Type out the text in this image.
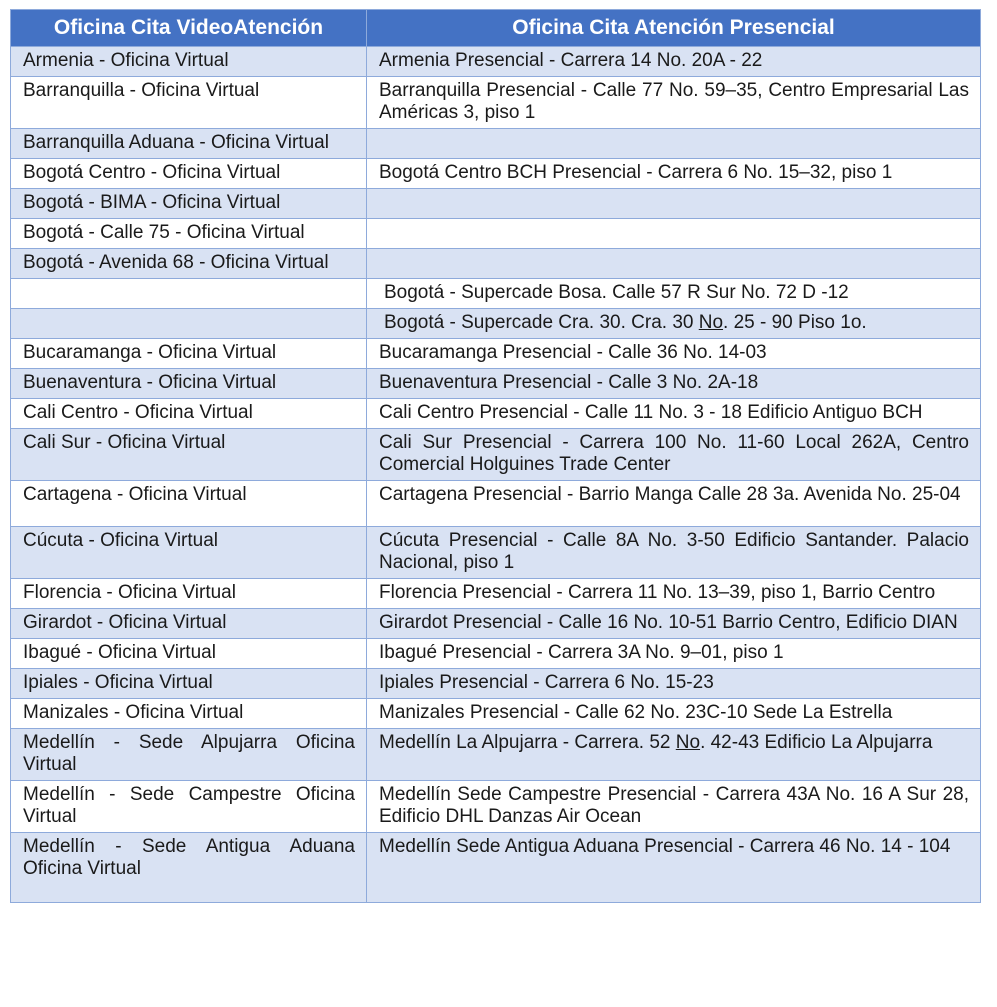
Oficina Cita VideoAtención	Oficina Cita Atención Presencial
Armenia - Oficina Virtual	Armenia Presencial - Carrera 14 No. 20A - 22
Barranquilla - Oficina Virtual	Barranquilla Presencial - Calle 77 No. 59–35, Centro Empresarial Las Américas 3, piso 1
Barranquilla Aduana - Oficina Virtual	
Bogotá Centro - Oficina Virtual	Bogotá Centro BCH Presencial - Carrera 6 No. 15–32, piso 1
Bogotá - BIMA - Oficina Virtual	
Bogotá - Calle 75 - Oficina Virtual	
Bogotá - Avenida 68 - Oficina Virtual	
	Bogotá - Supercade Bosa. Calle 57 R Sur No. 72 D -12
	Bogotá - Supercade Cra. 30. Cra. 30 No. 25 - 90 Piso 1o.
Bucaramanga - Oficina Virtual	Bucaramanga Presencial - Calle 36 No. 14-03
Buenaventura - Oficina Virtual	Buenaventura Presencial - Calle 3 No. 2A-18
Cali Centro - Oficina Virtual	Cali Centro Presencial - Calle 11 No. 3 - 18 Edificio Antiguo BCH
Cali Sur - Oficina Virtual	Cali Sur Presencial - Carrera 100 No. 11-60 Local 262A, Centro Comercial Holguines Trade Center
Cartagena - Oficina Virtual	Cartagena Presencial - Barrio Manga Calle 28 3a. Avenida No. 25-04
Cúcuta - Oficina Virtual	Cúcuta Presencial - Calle 8A No. 3-50 Edificio Santander. Palacio Nacional, piso 1
Florencia - Oficina Virtual	Florencia Presencial - Carrera 11 No. 13–39, piso 1, Barrio Centro
Girardot - Oficina Virtual	Girardot Presencial - Calle 16 No. 10-51 Barrio Centro, Edificio DIAN
Ibagué - Oficina Virtual	Ibagué Presencial - Carrera 3A No. 9–01, piso 1
Ipiales - Oficina Virtual	Ipiales Presencial - Carrera 6 No. 15-23
Manizales - Oficina Virtual	Manizales Presencial - Calle 62 No. 23C-10 Sede La Estrella
Medellín - Sede Alpujarra Oficina Virtual	Medellín La Alpujarra - Carrera. 52 No. 42-43 Edificio La Alpujarra
Medellín - Sede Campestre Oficina Virtual	Medellín Sede Campestre Presencial - Carrera 43A No. 16 A Sur 28, Edificio DHL Danzas Air Ocean
Medellín - Sede Antigua Aduana Oficina Virtual	Medellín Sede Antigua Aduana Presencial - Carrera 46 No. 14 - 104
